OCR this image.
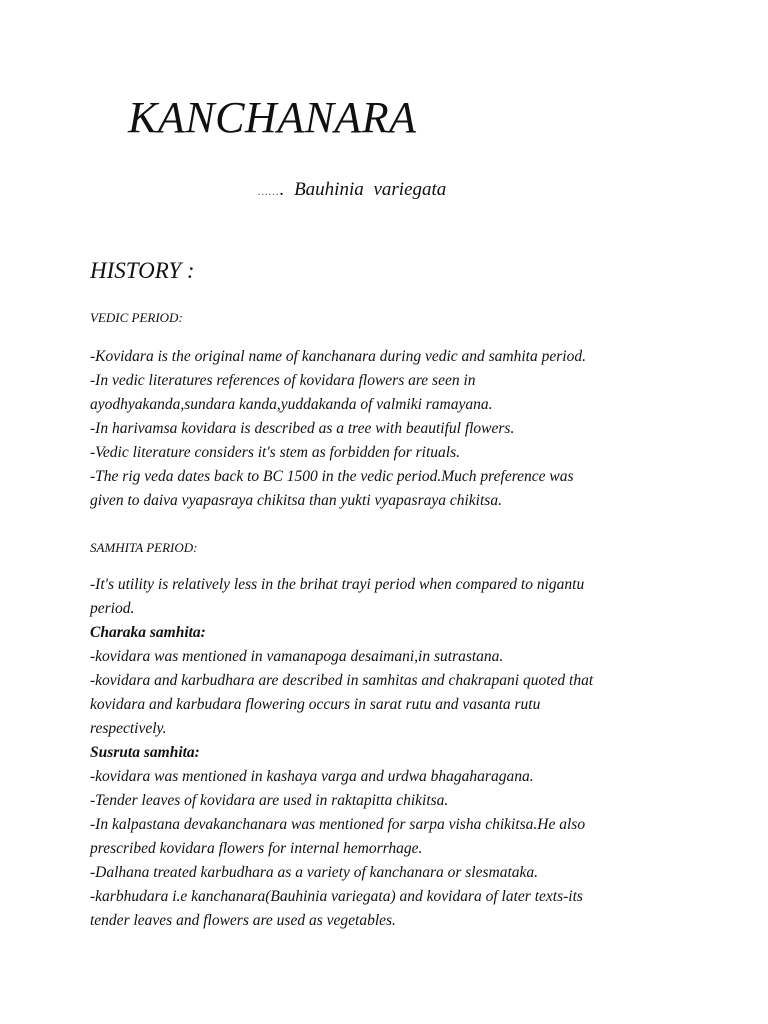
KANCHANARA
……. Bauhinia variegata
HISTORY :
VEDIC PERIOD:

-Kovidara is the original name of kanchanara during vedic and samhita period.

-In vedic literatures references of kovidara flowers are seen in

ayodhyakanda,sundara kanda,yuddakanda of valmiki ramayana.

-In harivamsa kovidara is described as a tree with beautiful flowers.

-Vedic literature considers it's stem as forbidden for rituals.

-The rig veda dates back to BC 1500 in the vedic period.Much preference was

given to daiva vyapasraya chikitsa than yukti vyapasraya chikitsa.

SAMHITA PERIOD:

-It's utility is relatively less in the brihat trayi period when compared to nigantu

period.

Charaka samhita:

-kovidara was mentioned in vamanapoga desaimani,in sutrastana.

-kovidara and karbudhara are described in samhitas and chakrapani quoted that

kovidara and karbudara flowering occurs in sarat rutu and vasanta rutu

respectively.

Susruta samhita:

-kovidara was mentioned in kashaya varga and urdwa bhagaharagana.

-Tender leaves of kovidara are used in raktapitta chikitsa.

-In kalpastana devakanchanara was mentioned for sarpa visha chikitsa.He also

prescribed kovidara flowers for internal hemorrhage.

-Dalhana treated karbudhara as a variety of kanchanara or slesmataka.

-karbhudara i.e kanchanara(Bauhinia variegata) and kovidara of later texts-its

tender leaves and flowers are used as vegetables.
